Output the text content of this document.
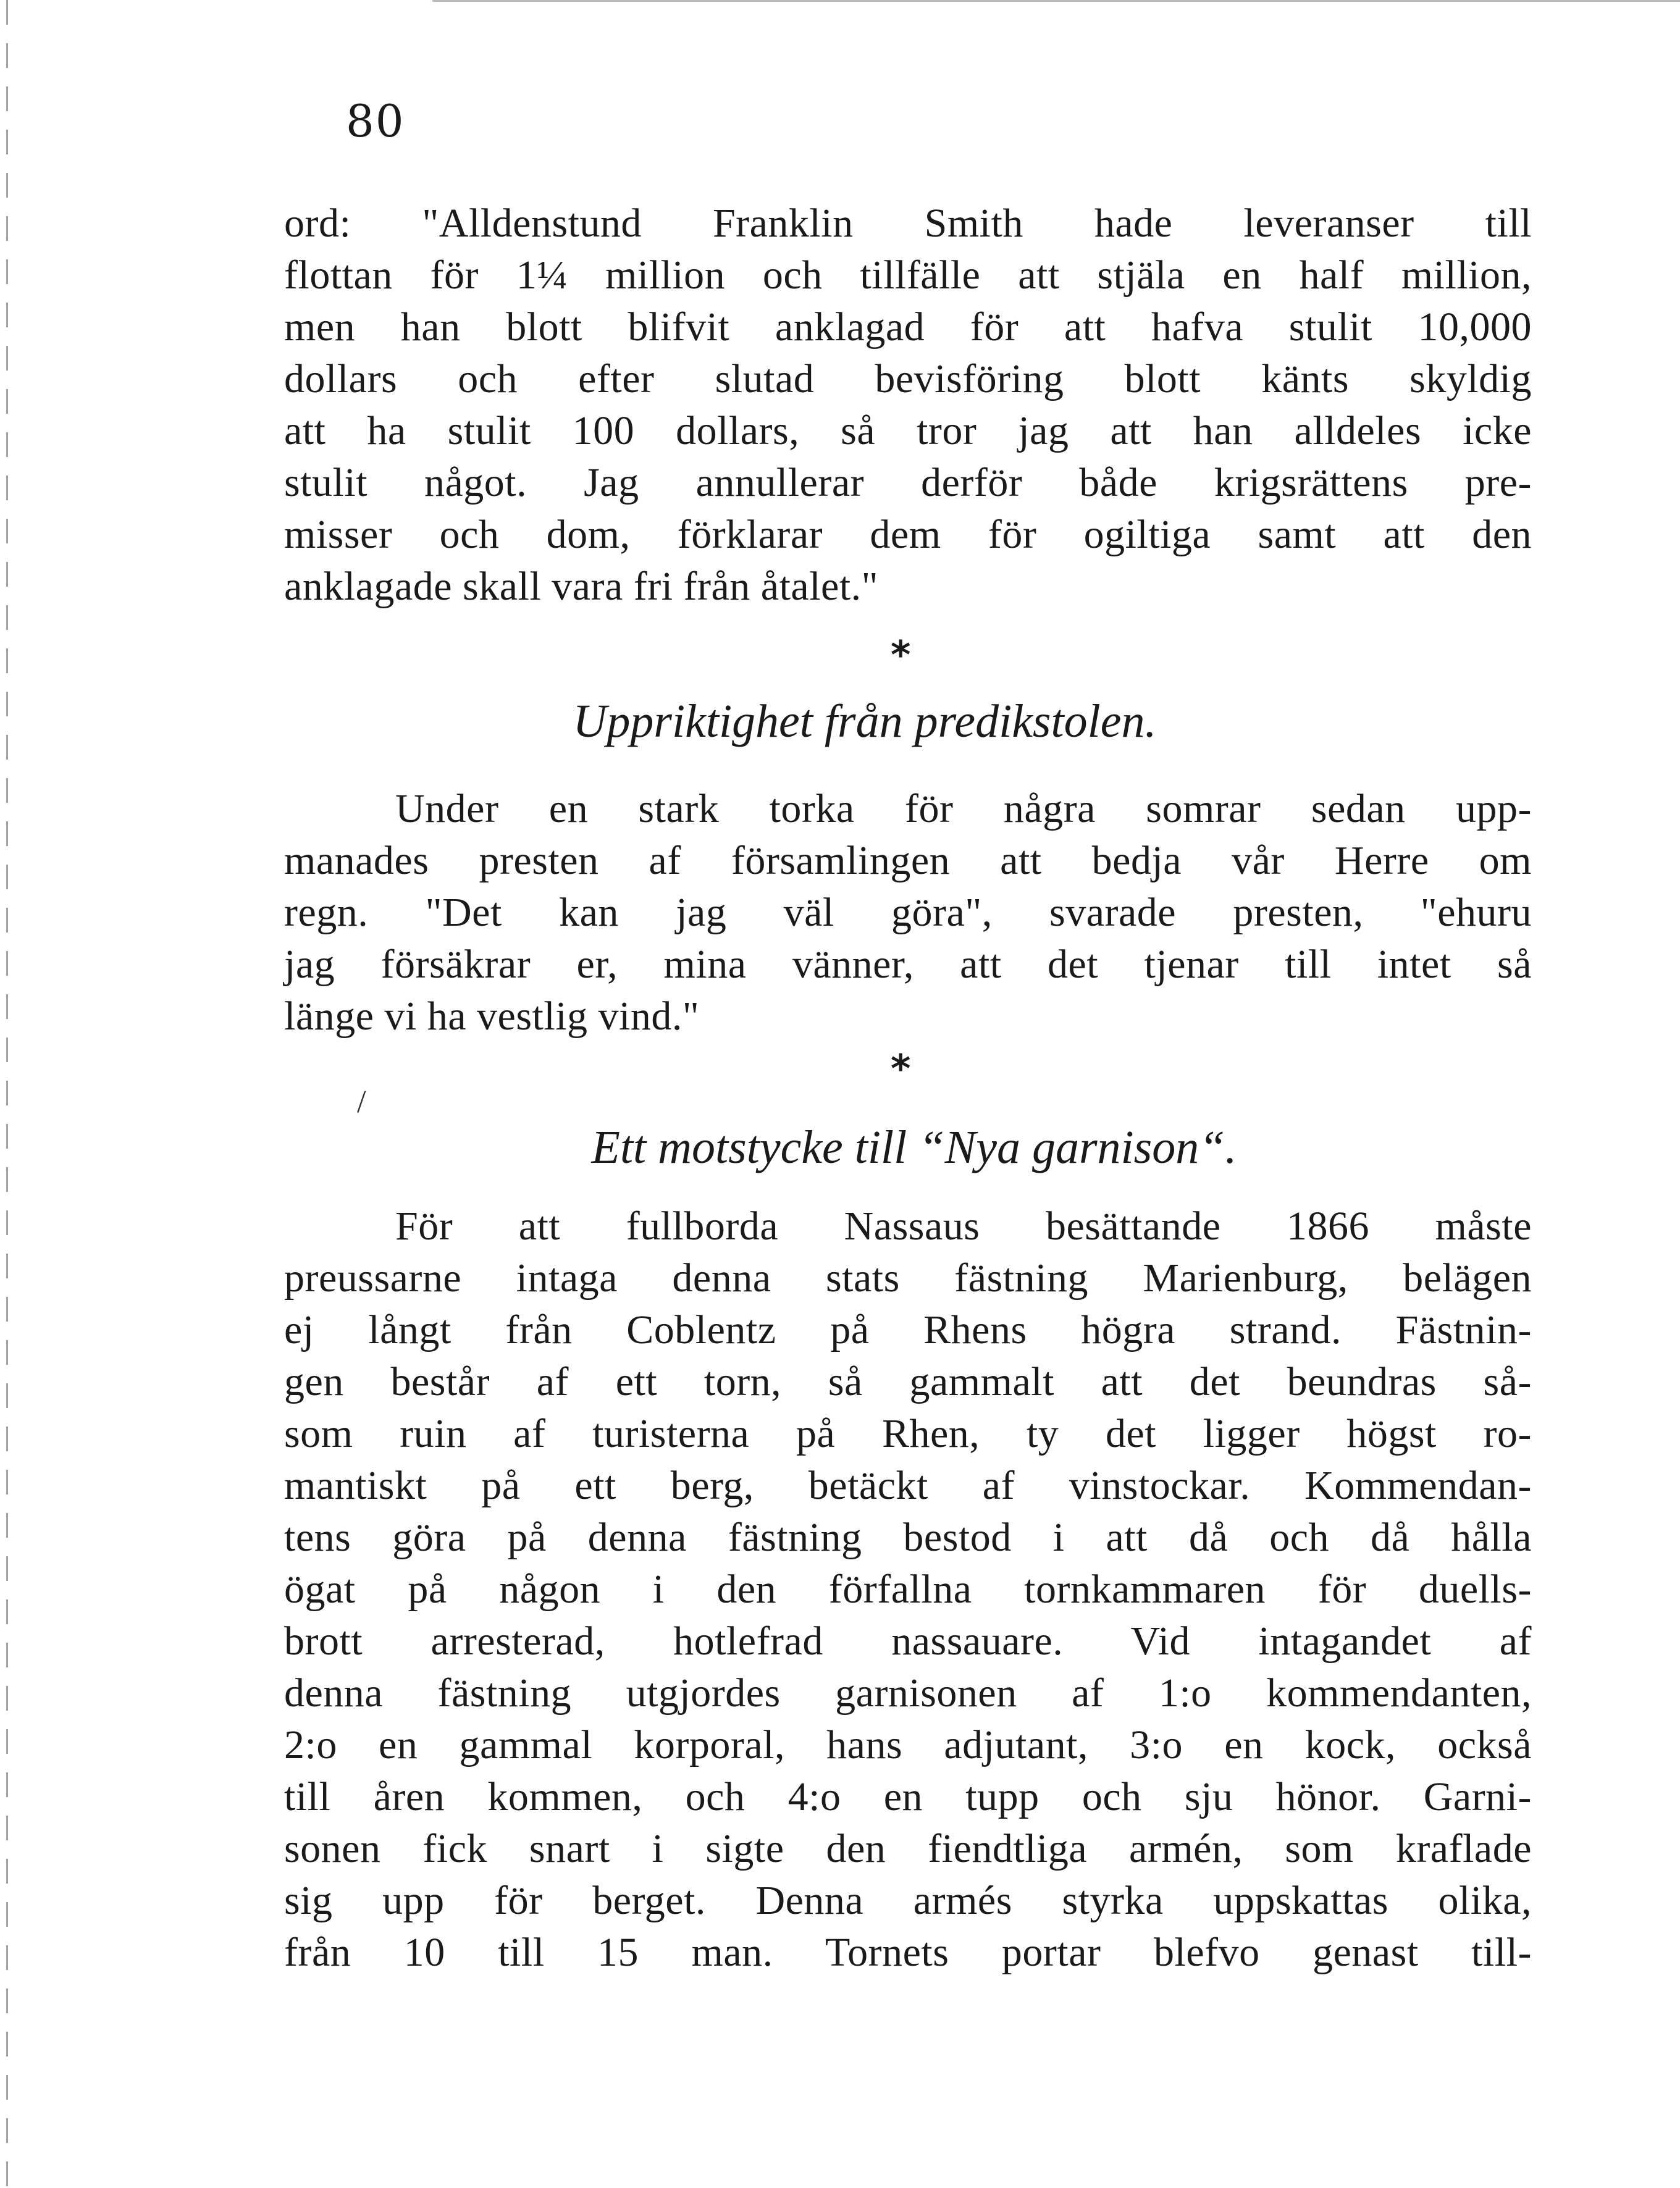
80
ord: "Alldenstund Franklin Smith hade leveranser till
flottan för 1¼ million och tillfälle att stjäla en half million,
men han blott blifvit anklagad för att hafva stulit 10,000
dollars och efter slutad bevisföring blott känts skyldig
att ha stulit 100 dollars, så tror jag att han alldeles icke
stulit något. Jag annullerar derför både krigsrättens pre-
misser och dom, förklarar dem för ogiltiga samt att den
anklagade skall vara fri från åtalet."
*
Uppriktighet från predikstolen.
Under en stark torka för några somrar sedan upp-
manades presten af församlingen att bedja vår Herre om
regn. "Det kan jag väl göra", svarade presten, "ehuru
jag försäkrar er, mina vänner, att det tjenar till intet så
länge vi ha vestlig vind."
*
/
Ett motstycke till “Nya garnison“.
För att fullborda Nassaus besättande 1866 måste
preussarne intaga denna stats fästning Marienburg, belägen
ej långt från Coblentz på Rhens högra strand. Fästnin-
gen består af ett torn, så gammalt att det beundras så-
som ruin af turisterna på Rhen, ty det ligger högst ro-
mantiskt på ett berg, betäckt af vinstockar. Kommendan-
tens göra på denna fästning bestod i att då och då hålla
ögat på någon i den förfallna tornkammaren för duells-
brott arresterad, hotlefrad nassauare. Vid intagandet af
denna fästning utgjordes garnisonen af 1:o kommendanten,
2:o en gammal korporal, hans adjutant, 3:o en kock, också
till åren kommen, och 4:o en tupp och sju hönor. Garni-
sonen fick snart i sigte den fiendtliga armén, som kraflade
sig upp för berget. Denna armés styrka uppskattas olika,
från 10 till 15 man. Tornets portar blefvo genast till-
